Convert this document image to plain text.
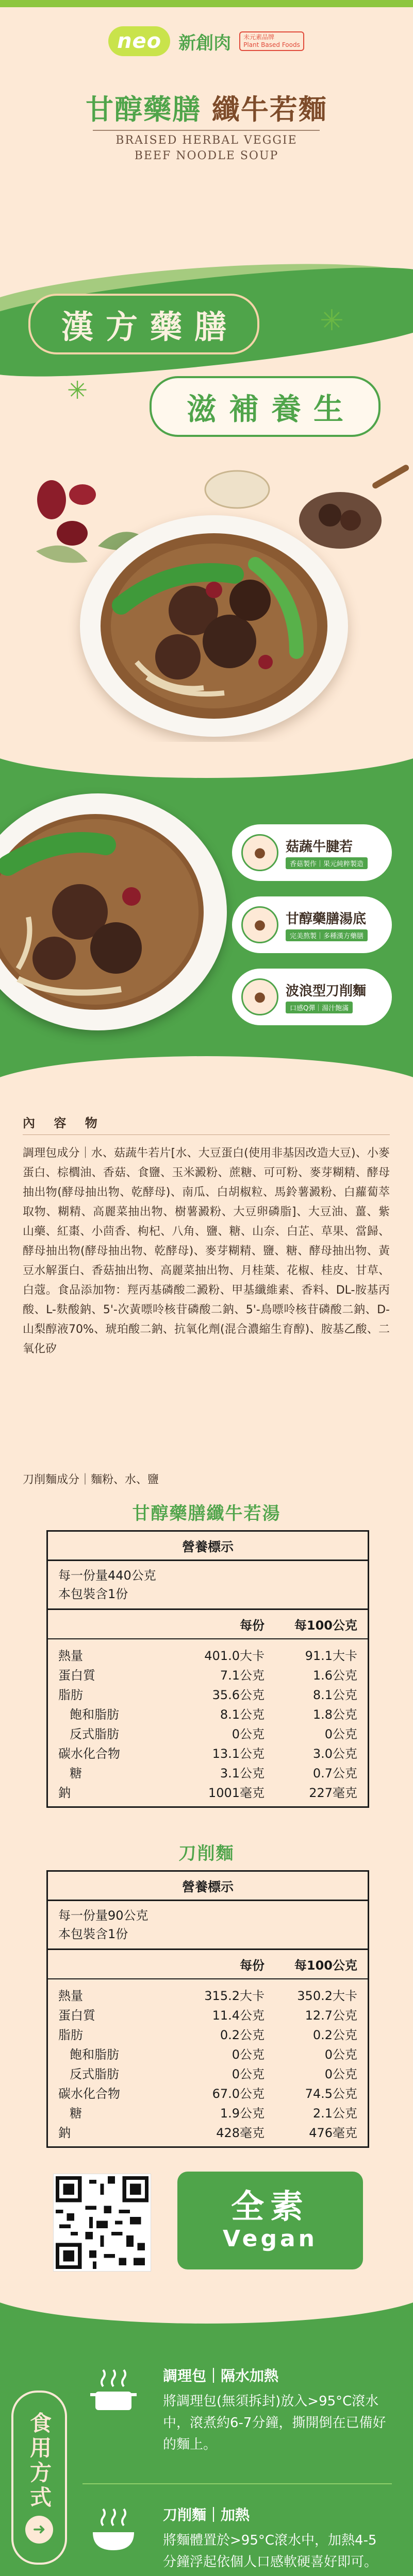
neo 新創肉 未元素品牌
Plant Based Foods
甘醇藥膳 纖牛若麵
BRAISED HERBAL VEGGIE
BEEF NOODLE SOUP
漢方藥膳	✳
✳
滋補養生
●	菇蔬牛腱若
香菇製作｜果元純粹製造
●	甘醇藥膳湯底
完美熬製｜多種漢方藥膳
●	波浪型刀削麵
口感Q彈｜湯汁飽滿
內 容 物
調理包成分｜水、菇蔬牛若片[水、大豆蛋白(使用非基因改造大豆)、小麥蛋白、棕櫚油、香菇、食鹽、玉米澱粉、蔗糖、可可粉、麥芽糊精、酵母抽出物(酵母抽出物、乾酵母)、南瓜、白胡椒粒、馬鈴薯澱粉、白蘿蔔萃取物、糊精、高麗菜抽出物、樹薯澱粉、大豆卵磷脂]、大豆油、薑、紫山藥、紅棗、小茴香、枸杞、八角、鹽、糖、山奈、白芷、草果、當歸、酵母抽出物(酵母抽出物、乾酵母)、麥芽糊精、鹽、糖、酵母抽出物、黃豆水解蛋白、香菇抽出物、高麗菜抽出物、月桂葉、花椒、桂皮、甘草、白蔻。食品添加物：羥丙基磷酸二澱粉、甲基纖維素、香料、DL-胺基丙酸、L-麩酸鈉、5'-次黃嘌呤核苷磷酸二鈉、5'-鳥嘌呤核苷磷酸二鈉、D-山梨醇液70%、琥珀酸二鈉、抗氧化劑(混合濃縮生育醇)、胺基乙酸、二氧化矽
刀削麵成分｜麵粉、水、鹽
甘醇藥膳纖牛若湯
營養標示
每一份量440公克
本包裝含1份
每份	每100公克
熱量	401.0大卡	91.1大卡
蛋白質	7.1公克	1.6公克
脂肪	35.6公克	8.1公克
飽和脂肪	8.1公克	1.8公克
反式脂肪	0公克	0公克
碳水化合物	13.1公克	3.0公克
糖	3.1公克	0.7公克
鈉	1001毫克	227毫克
刀削麵
營養標示
每一份量90公克
本包裝含1份
每份	每100公克
熱量	315.2大卡	350.2大卡
蛋白質	11.4公克	12.7公克
脂肪	0.2公克	0.2公克
飽和脂肪	0公克	0公克
反式脂肪	0公克	0公克
碳水化合物	67.0公克	74.5公克
糖	1.9公克	2.1公克
鈉	428毫克	476毫克
全素
Vegan
食用方式
➜
調理包｜隔水加熱
將調理包(無須拆封)放入>95°C滾水中，滾煮約6-7分鐘，撕開倒在已備好的麵上。
刀削麵｜加熱
將麵體置於>95°C滾水中，加熱4-5分鐘浮起依個人口感軟硬喜好即可。
